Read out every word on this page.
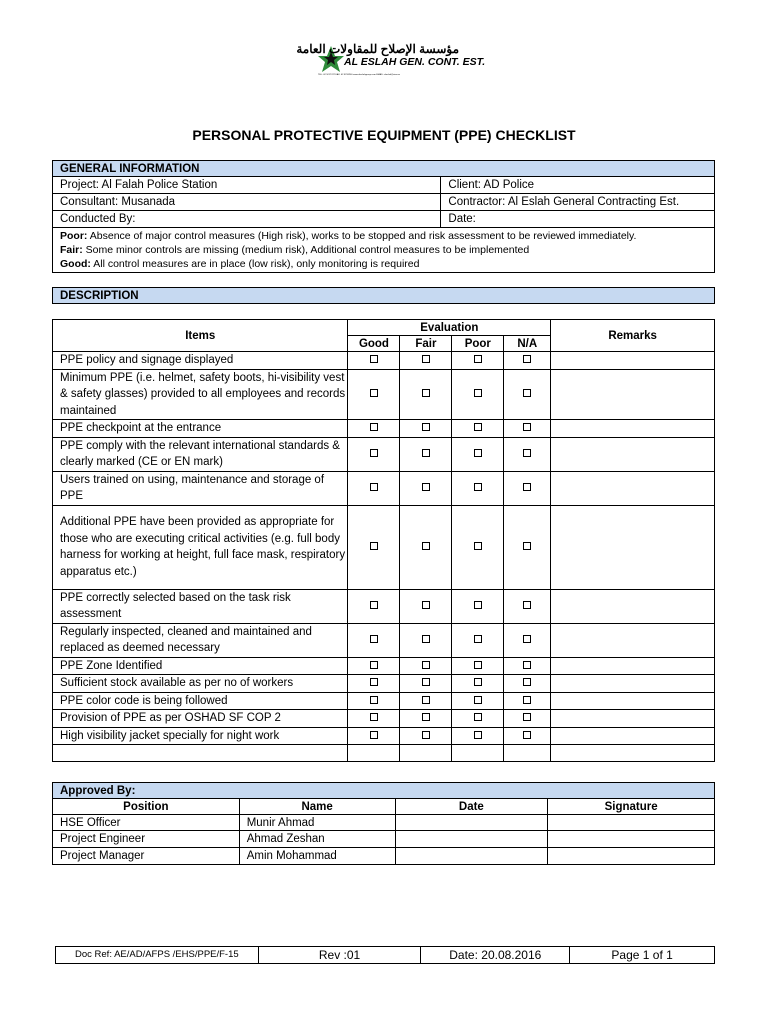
مؤسسة الإصلاح للمقاولات العامة
AL ESLAH GEN. CONT. EST.
TEL: 02 5217747 FAX: 02 5218200 www.aleslahgroup.com EMAIL: aleslah@eim.ae
PERSONAL PROTECTIVE EQUIPMENT (PPE) CHECKLIST
GENERAL INFORMATION	
Project: Al Falah Police Station	Client: AD Police
Consultant: Musanada	Contractor: Al Eslah General Contracting Est.
Conducted By:	Date:

Poor: Absence of major control measures (High risk), works to be stopped and risk assessment to be reviewed immediately.
Fair: Some minor controls are missing (medium risk), Additional control measures to be implemented
Good: All control measures are in place (low risk), only monitoring is required	
DESCRIPTION
Items	Evaluation				Remarks
	Good	Fair	Poor	N/A	
PPE policy and signage displayed					
Minimum PPE (i.e. helmet, safety boots, hi-visibility vest & safety glasses) provided to all employees and records maintained					
PPE checkpoint at the entrance					
PPE comply with the relevant international standards & clearly marked (CE or EN mark)					
Users trained on using, maintenance and storage of PPE					
Additional PPE have been provided as appropriate for those who are executing critical activities (e.g. full body harness for working at height, full face mask, respiratory apparatus etc.)					
PPE correctly selected based on the task risk assessment					
Regularly inspected, cleaned and maintained and replaced as deemed necessary					
PPE Zone Identified					
Sufficient stock available as per no of workers					
PPE color code is being followed					
Provision of PPE as per OSHAD SF COP 2					
High visibility jacket specially for night work					

Approved By:			
Position	Name	Date	Signature
HSE Officer	Munir Ahmad		
Project Engineer	Ahmad Zeshan		
Project Manager	Amin Mohammad		
Doc Ref: AE/AD/AFPS /EHS/PPE/F-15	Rev :01	Date: 20.08.2016	Page 1 of 1
